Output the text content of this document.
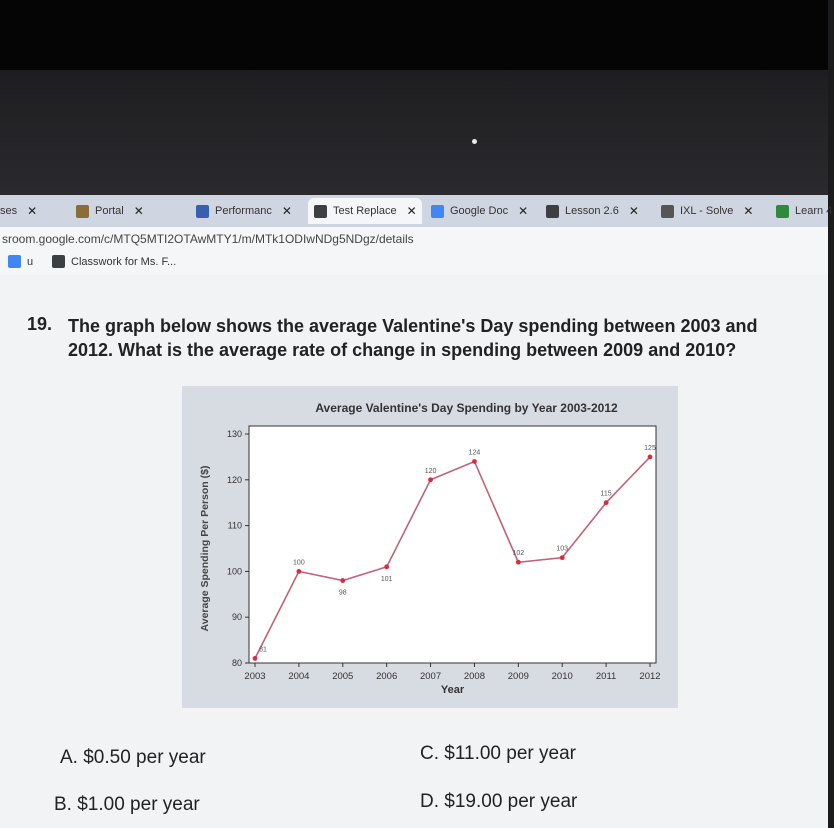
ses ✕	Portal ✕	Performanc ✕	Test Replace ✕	Google Doc ✕	Lesson 2.6 ✕	IXL - Solve ✕	Learn 4
sroom.google.com/c/MTQ5MTI2OTAwMTY1/m/MTk1ODIwNDg5NDgz/details
u	Classwork for Ms. F...
19. The graph below shows the average Valentine's Day spending between 2003 and
2012. What is the average rate of change in spending between 2009 and 2010?
Average Valentine's Day Spending by Year 2003-2012
80
90
100
110
120
130
2003 2004 2005 2006 2007 2008 2009 2010 2011 2012
Year
Average Spending Per Person ($)
81
100
98
101
120
124
102
103
115
125
A. $0.50 per year	C. $11.00 per year
B. $1.00 per year	D. $19.00 per year
